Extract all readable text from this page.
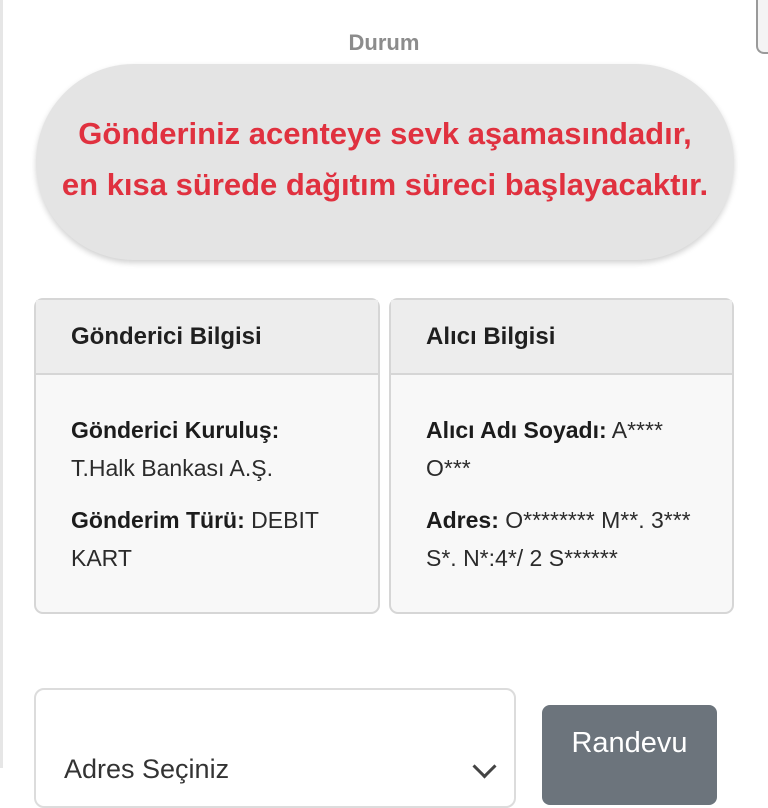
Durum
Gönderiniz acenteye sevk aşamasındadır, en kısa sürede dağıtım süreci başlayacaktır.
Gönderici Bilgisi
Gönderici Kuruluş:
T.Halk Bankası A.Ş.
Gönderim Türü: DEBIT KART
Alıcı Bilgisi
Alıcı Adı Soyadı: A**** O***
Adres: O******** M**. 3*** S*. N*:4*/ 2 S******
Adres Seçiniz
Randevu
